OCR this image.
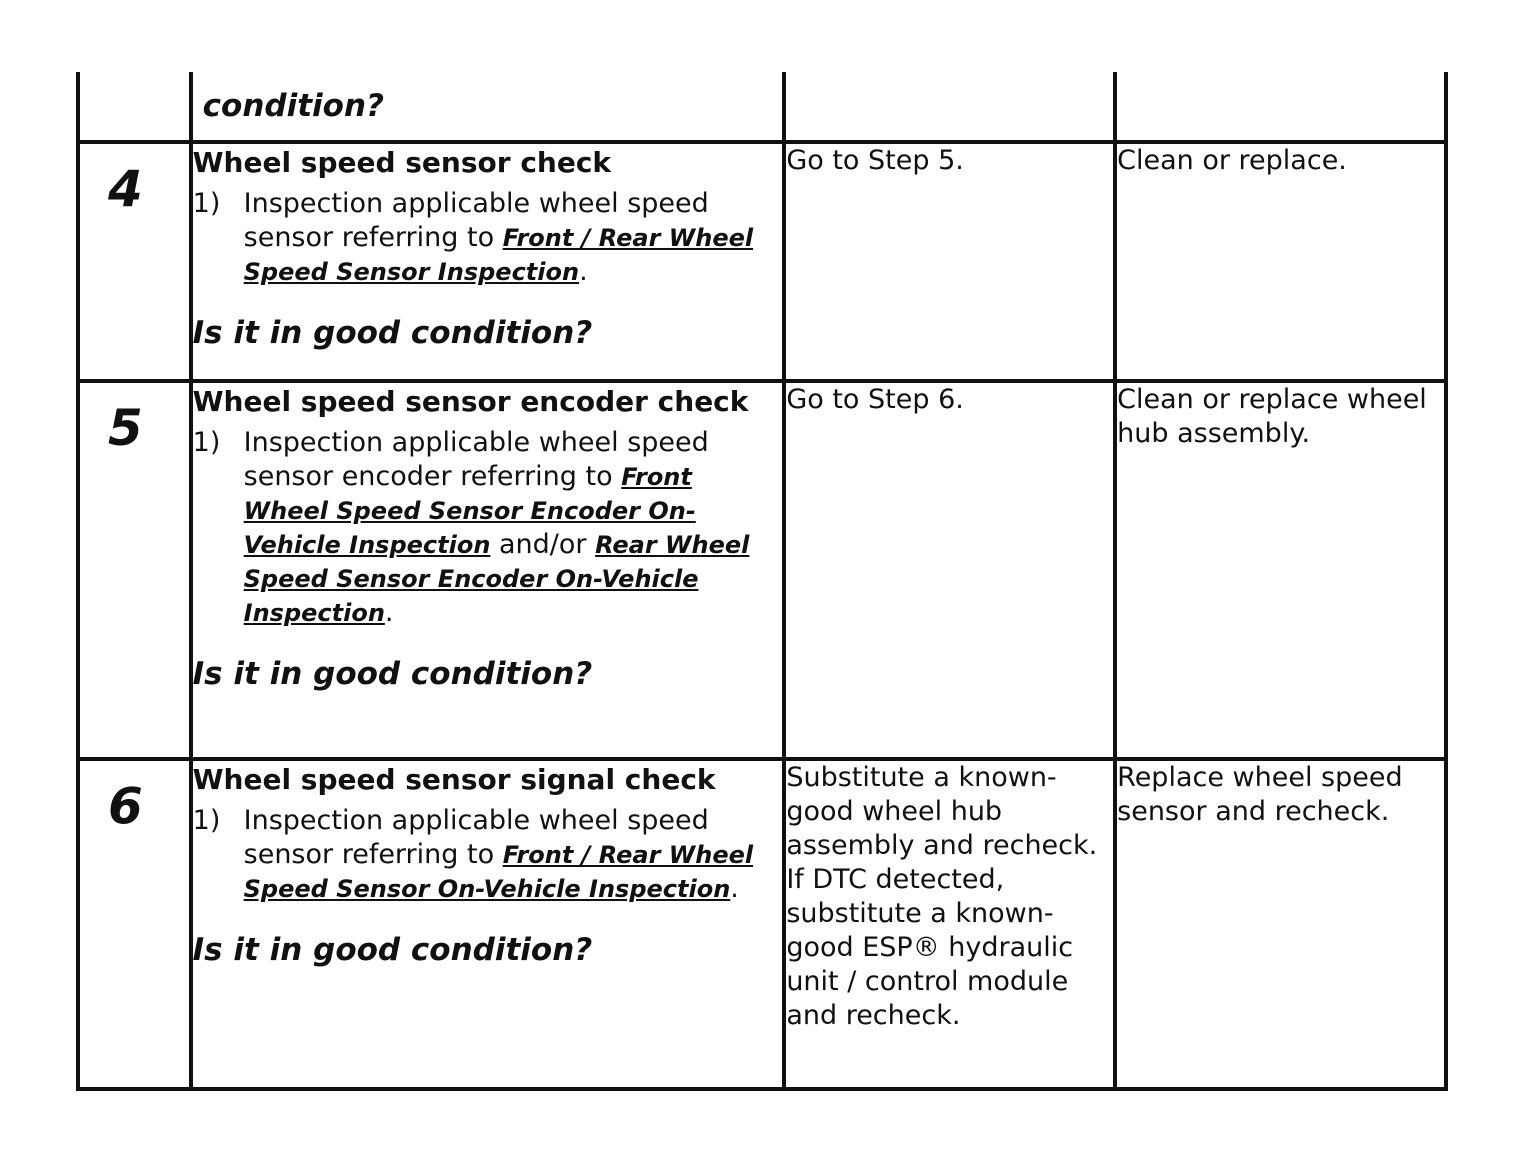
	condition?		

4	Wheel speed sensor check
1) Inspection applicable wheel speed sensor referring to Front / Rear Wheel Speed Sensor Inspection.
Is it in good condition?	Go to Step 5.	Clean or replace.

5	Wheel speed sensor encoder check
1) Inspection applicable wheel speed sensor encoder referring to Front Wheel Speed Sensor Encoder On-Vehicle Inspection and/or Rear Wheel Speed Sensor Encoder On-Vehicle Inspection.
Is it in good condition?	Go to Step 6.	Clean or replace wheel hub assembly.

6	Wheel speed sensor signal check
1) Inspection applicable wheel speed sensor referring to Front / Rear Wheel Speed Sensor On-Vehicle Inspection.
Is it in good condition?	Substitute a known-good wheel hub assembly and recheck. If DTC detected, substitute a known-good ESP® hydraulic unit / control module and recheck.	Replace wheel speed sensor and recheck.
